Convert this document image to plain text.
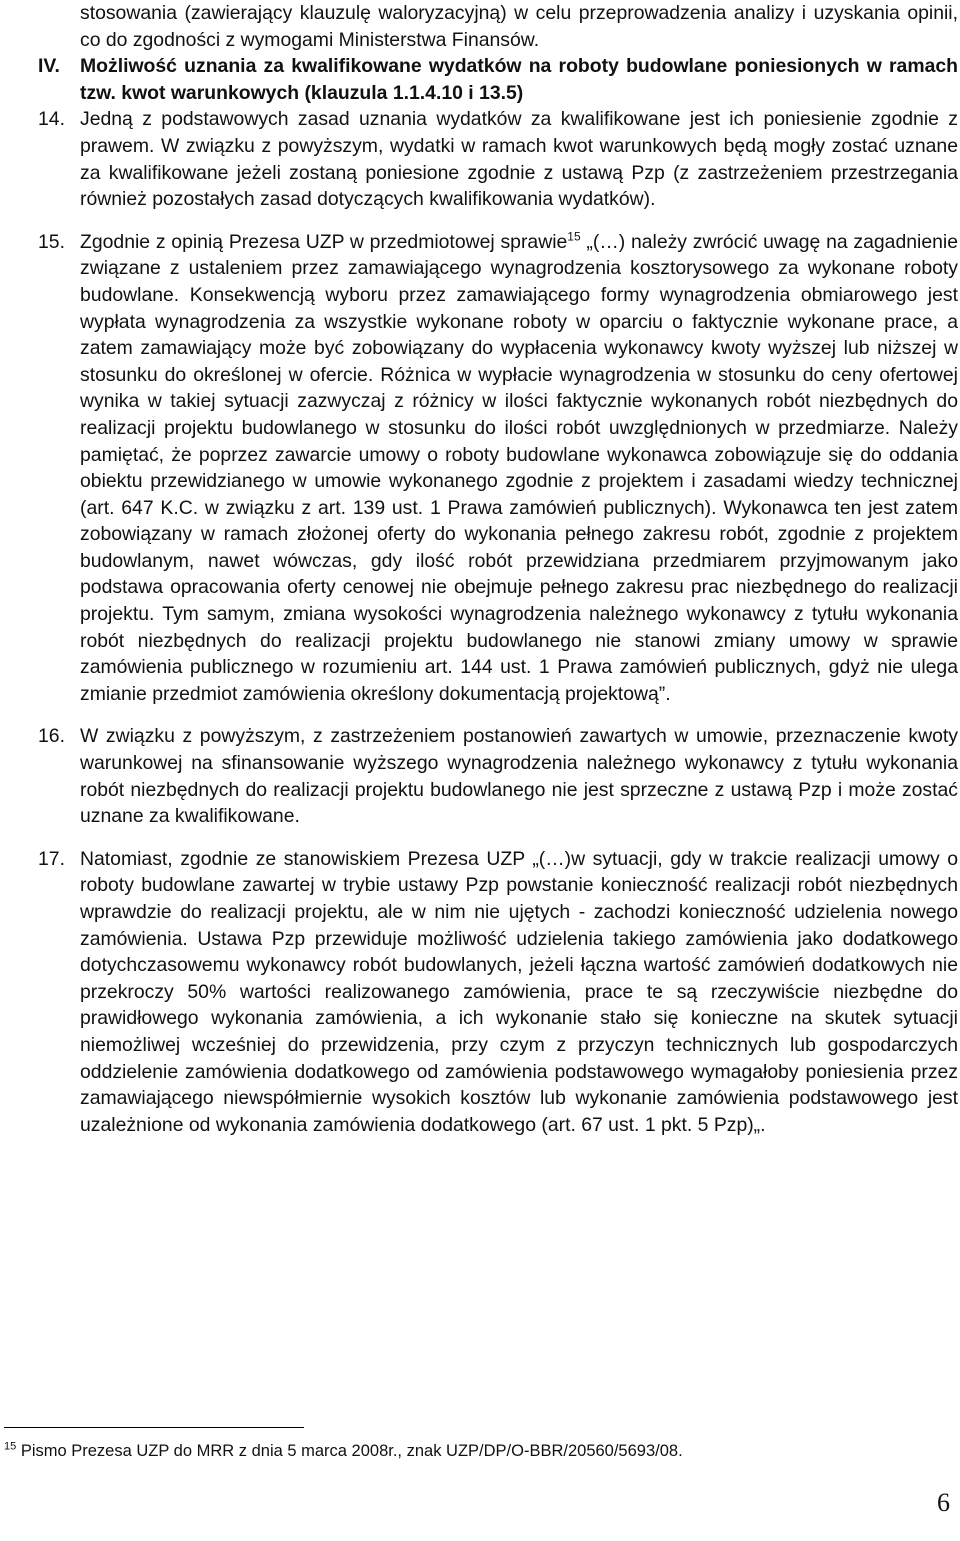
stosowania (zawierający klauzulę waloryzacyjną) w celu przeprowadzenia analizy i uzyskania opinii, co do zgodności z wymogami Ministerstwa Finansów.
IV. Możliwość uznania za kwalifikowane wydatków na roboty budowlane poniesionych w ramach tzw. kwot warunkowych (klauzula 1.1.4.10 i 13.5)
14. Jedną z podstawowych zasad uznania wydatków za kwalifikowane jest ich poniesienie zgodnie z prawem. W związku z powyższym, wydatki w ramach kwot warunkowych będą mogły zostać uznane za kwalifikowane jeżeli zostaną poniesione zgodnie z ustawą Pzp (z zastrzeżeniem przestrzegania również pozostałych zasad dotyczących kwalifikowania wydatków).
15. Zgodnie z opinią Prezesa UZP w przedmiotowej sprawie$^{15}$ „(…) należy zwrócić uwagę na zagadnienie związane z ustaleniem przez zamawiającego wynagrodzenia kosztorysowego za wykonane roboty budowlane. Konsekwencją wyboru przez zamawiającego formy wynagrodzenia obmiarowego jest wypłata wynagrodzenia za wszystkie wykonane roboty w oparciu o faktycznie wykonane prace, a zatem zamawiający może być zobowiązany do wypłacenia wykonawcy kwoty wyższej lub niższej w stosunku do określonej w ofercie. Różnica w wypłacie wynagrodzenia w stosunku do ceny ofertowej wynika w takiej sytuacji zazwyczaj z różnicy w ilości faktycznie wykonanych robót niezbędnych do realizacji projektu budowlanego w stosunku do ilości robót uwzględnionych w przedmiarze. Należy pamiętać, że poprzez zawarcie umowy o roboty budowlane wykonawca zobowiązuje się do oddania obiektu przewidzianego w umowie wykonanego zgodnie z projektem i zasadami wiedzy technicznej (art. 647 K.C. w związku z art. 139 ust. 1 Prawa zamówień publicznych). Wykonawca ten jest zatem zobowiązany w ramach złożonej oferty do wykonania pełnego zakresu robót, zgodnie z projektem budowlanym, nawet wówczas, gdy ilość robót przewidziana przedmiarem przyjmowanym jako podstawa opracowania oferty cenowej nie obejmuje pełnego zakresu prac niezbędnego do realizacji projektu. Tym samym, zmiana wysokości wynagrodzenia należnego wykonawcy z tytułu wykonania robót niezbędnych do realizacji projektu budowlanego nie stanowi zmiany umowy w sprawie zamówienia publicznego w rozumieniu art. 144 ust. 1 Prawa zamówień publicznych, gdyż nie ulega zmianie przedmiot zamówienia określony dokumentacją projektową”.
16. W związku z powyższym, z zastrzeżeniem postanowień zawartych w umowie, przeznaczenie kwoty warunkowej na sfinansowanie wyższego wynagrodzenia należnego wykonawcy z tytułu wykonania robót niezbędnych do realizacji projektu budowlanego nie jest sprzeczne z ustawą Pzp i może zostać uznane za kwalifikowane.
17. Natomiast, zgodnie ze stanowiskiem Prezesa UZP „(…)w sytuacji, gdy w trakcie realizacji umowy o roboty budowlane zawartej w trybie ustawy Pzp powstanie konieczność realizacji robót niezbędnych wprawdzie do realizacji projektu, ale w nim nie ujętych - zachodzi konieczność udzielenia nowego zamówienia. Ustawa Pzp przewiduje możliwość udzielenia takiego zamówienia jako dodatkowego dotychczasowemu wykonawcy robót budowlanych, jeżeli łączna wartość zamówień dodatkowych nie przekroczy 50% wartości realizowanego zamówienia, prace te są rzeczywiście niezbędne do prawidłowego wykonania zamówienia, a ich wykonanie stało się konieczne na skutek sytuacji niemożliwej wcześniej do przewidzenia, przy czym z przyczyn technicznych lub gospodarczych oddzielenie zamówienia dodatkowego od zamówienia podstawowego wymagałoby poniesienia przez zamawiającego niewspółmiernie wysokich kosztów lub wykonanie zamówienia podstawowego jest uzależnione od wykonania zamówienia dodatkowego (art. 67 ust. 1 pkt. 5 Pzp)„.
$^{15}$ Pismo Prezesa UZP do MRR z dnia 5 marca 2008r., znak UZP/DP/O-BBR/20560/5693/08.
6
